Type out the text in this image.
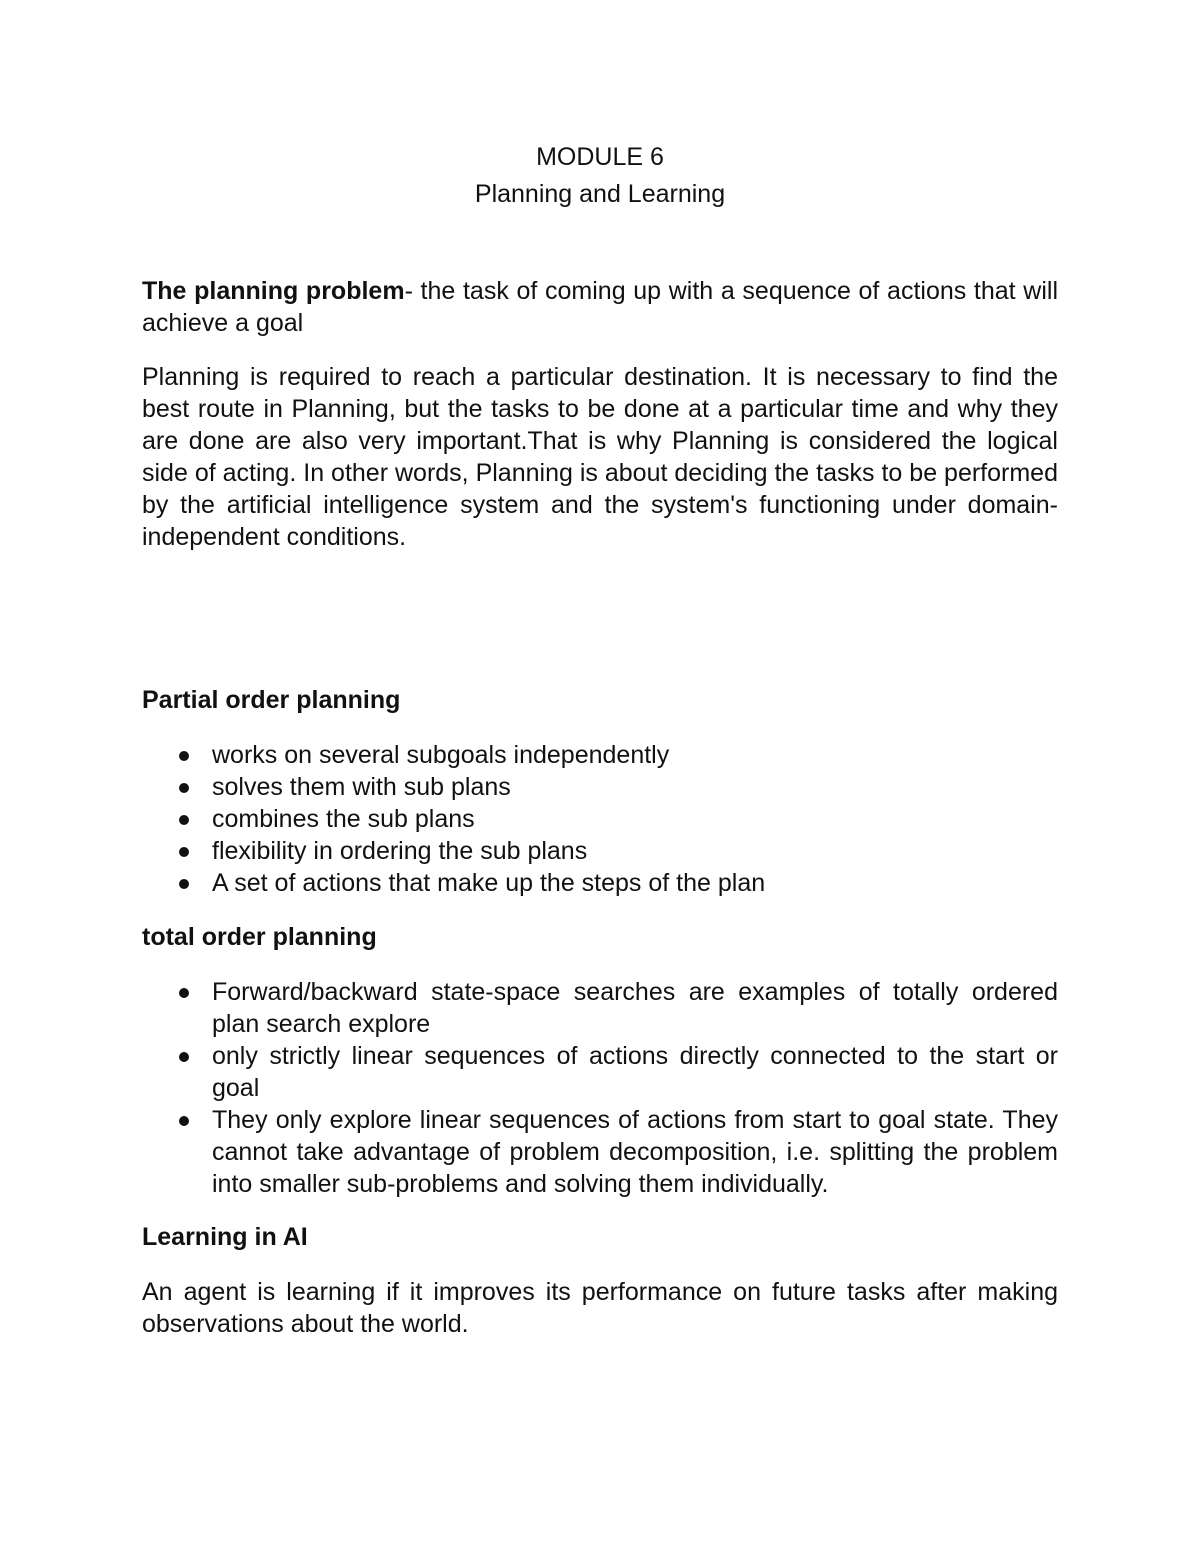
MODULE 6
Planning and Learning

The planning problem- the task of coming up with a sequence of actions that will achieve a goal

Planning is required to reach a particular destination. It is necessary to find the best route in Planning, but the tasks to be done at a particular time and why they are done are also very important.That is why Planning is considered the logical side of acting. In other words, Planning is about deciding the tasks to be performed by the artificial intelligence system and the system's functioning under domain-independent conditions.

Partial order planning
works on several subgoals independently
solves them with sub plans
combines the sub plans
flexibility in ordering the sub plans
A set of actions that make up the steps of the plan
total order planning
Forward/backward state-space searches are examples of totally ordered plan search explore
only strictly linear sequences of actions directly connected to the start or goal
They only explore linear sequences of actions from start to goal state. They cannot take advantage of problem decomposition, i.e. splitting the problem into smaller sub-problems and solving them individually.
Learning in AI

An agent is learning if it improves its performance on future tasks after making observations about the world.
